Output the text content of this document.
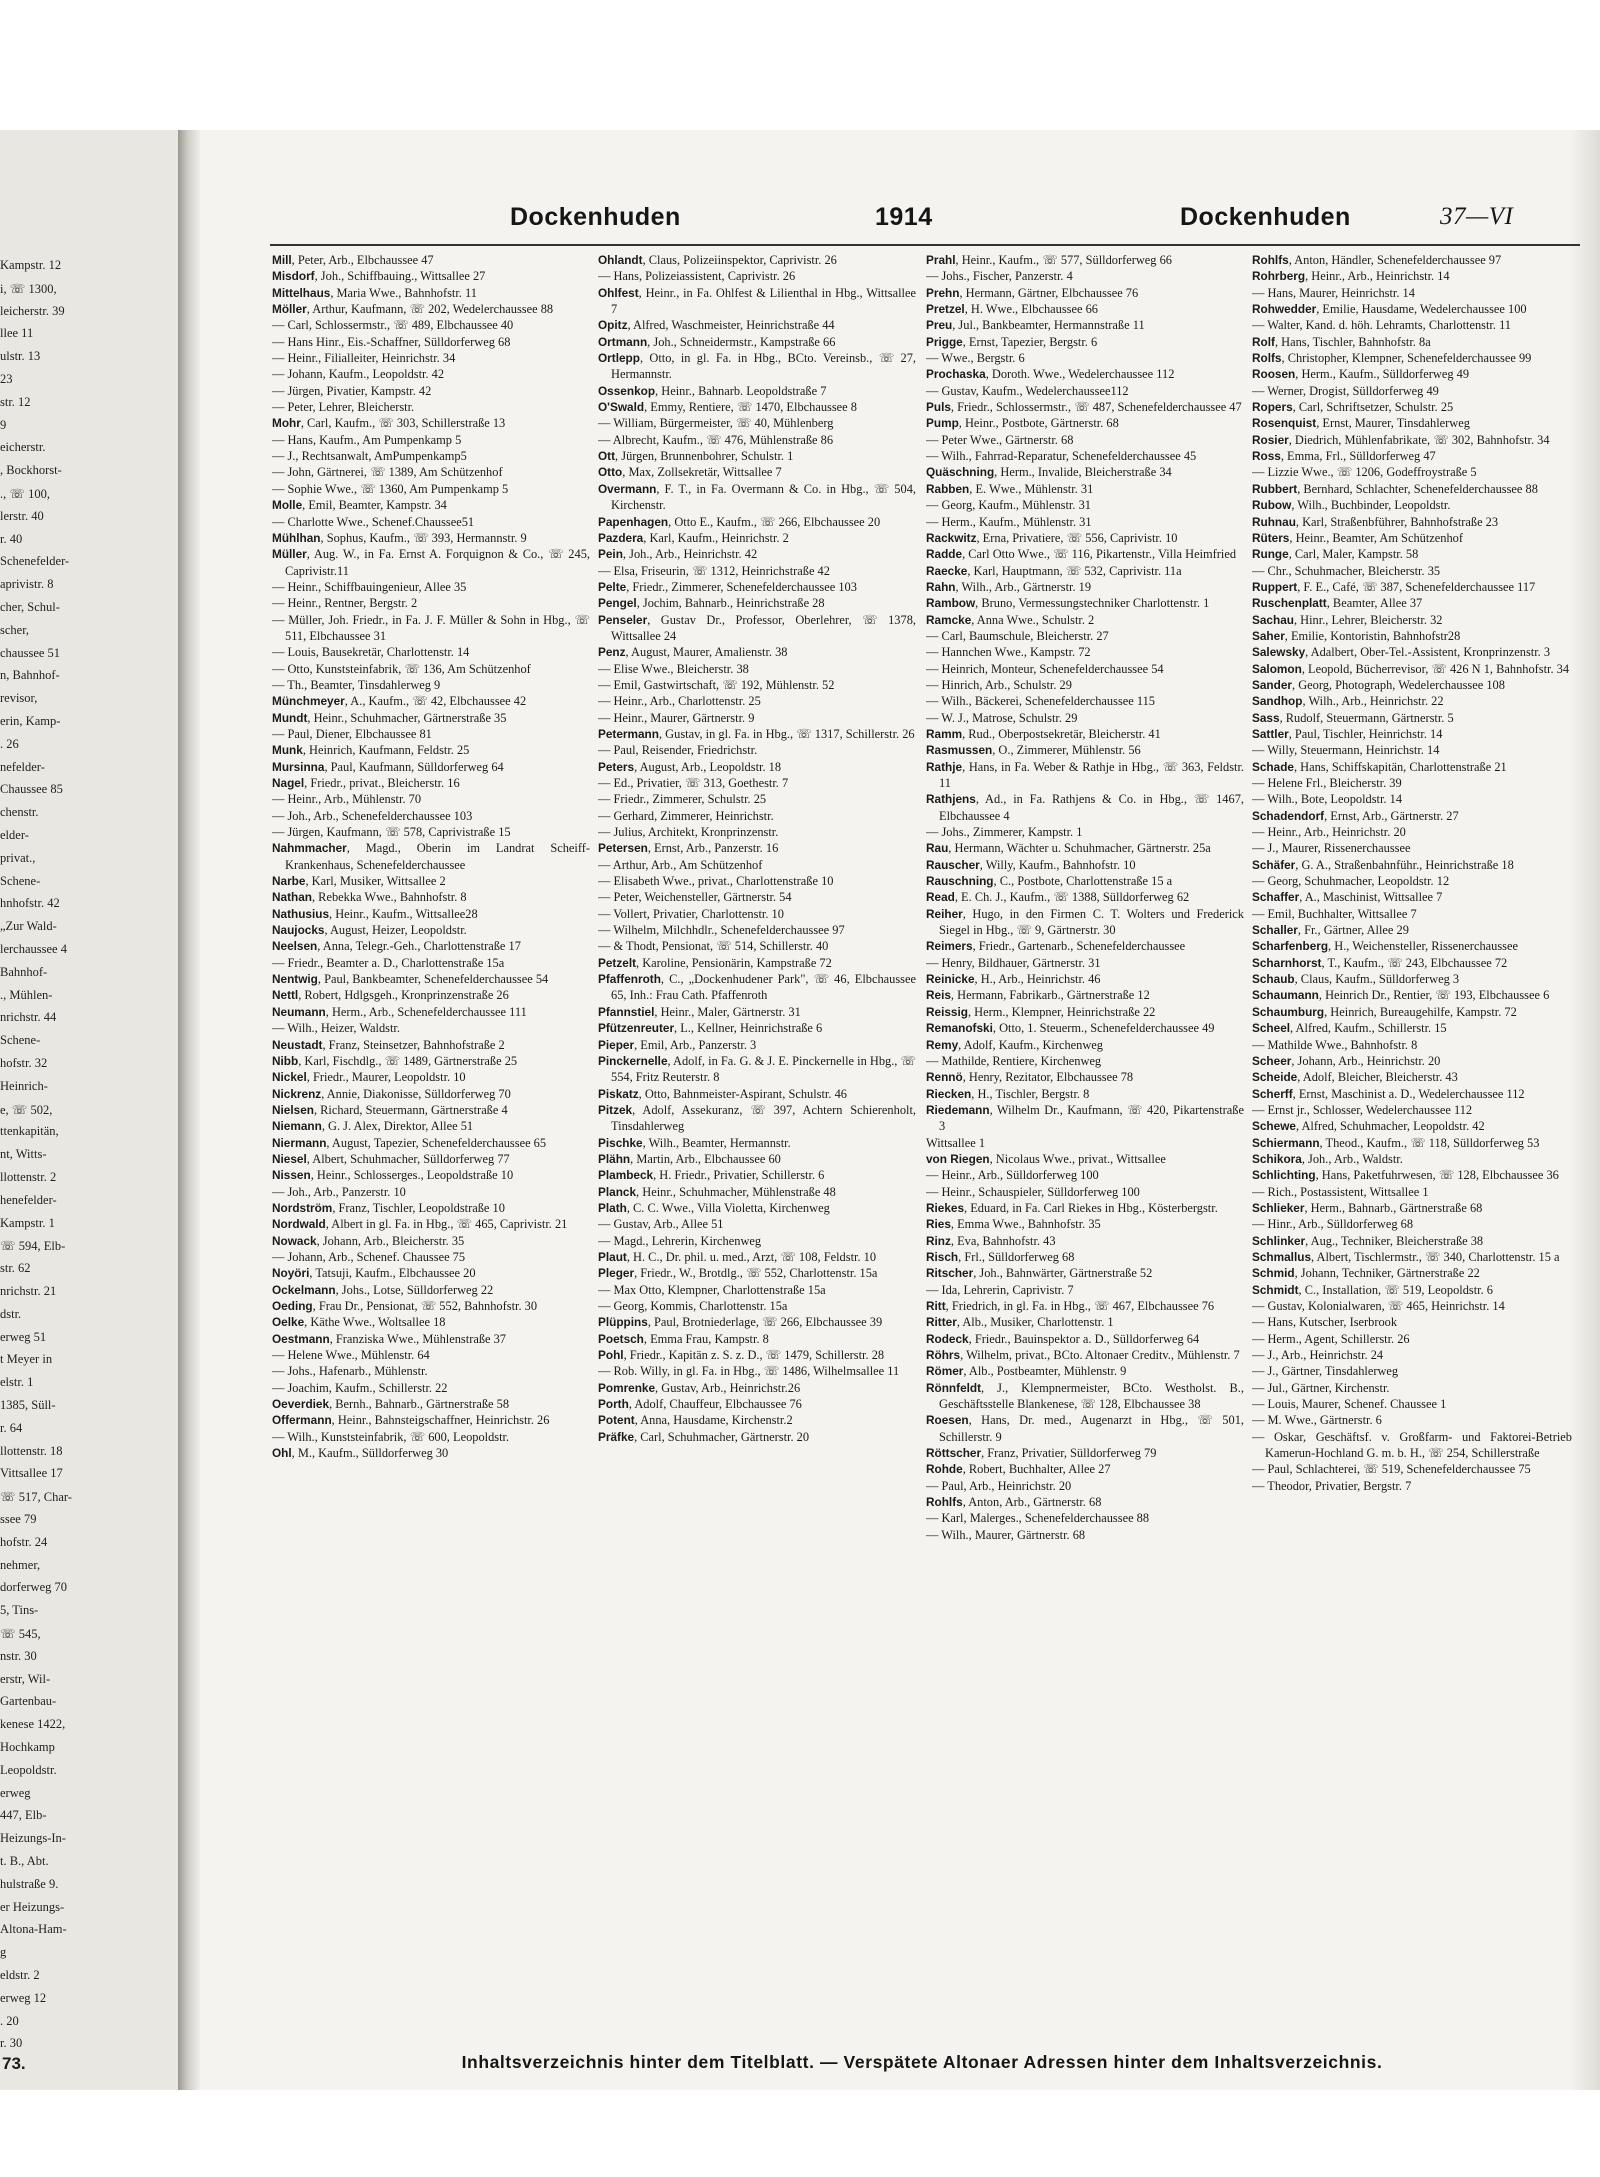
Kampstr. 12
i, ☏ 1300,
leicherstr. 39
llee 11
ulstr. 13
23
str. 12
9
eicherstr.
, Bockhorst-
., ☏ 100,
lerstr. 40
r. 40
Schenefelder-
aprivistr. 8
cher, Schul-
scher,
chaussee 51
n, Bahnhof-
revisor,
erin, Kamp-
. 26
nefelder-
Chaussee 85
chenstr.
elder-
privat.,
Schene-
hnhofstr. 42
„Zur Wald-
lerchaussee 4
Bahnhof-
., Mühlen-
nrichstr. 44
Schene-
hofstr. 32
Heinrich-
e, ☏ 502,
ttenkapitän,
nt, Witts-
llottenstr. 2
henefelder-
Kampstr. 1
☏ 594, Elb-
str. 62
nrichstr. 21
dstr.
erweg 51
t Meyer in
elstr. 1
1385, Süll-
r. 64
llottenstr. 18
Vittsallee 17
☏ 517, Char-
ssee 79
hofstr. 24
nehmer,
dorferweg 70
5, Tins-
☏ 545,
nstr. 30
erstr, Wil-
Gartenbau-
kenese 1422,
Hochkamp
Leopoldstr.
erweg
447, Elb-
Heizungs-In-
t. B., Abt.
hulstraße 9.
er Heizungs-
Altona-Ham-
g
eldstr. 2
erweg 12
. 20
r. 30
Dockenhuden	1914	Dockenhuden	37—VI

Mill, Peter, Arb., Elbchaussee 47

Misdorf, Joh., Schiffbauing., Wittsallee 27

Mittelhaus, Maria Wwe., Bahnhofstr. 11

Möller, Arthur, Kaufmann, ☏ 202, Wedelerchaussee 88

— Carl, Schlossermstr., ☏ 489, Elbchaussee 40

— Hans Hinr., Eis.-Schaffner, Sülldorferweg 68

— Heinr., Filialleiter, Heinrichstr. 34

— Johann, Kaufm., Leopoldstr. 42

— Jürgen, Pivatier, Kampstr. 42

— Peter, Lehrer, Bleicherstr.

Mohr, Carl, Kaufm., ☏ 303, Schillerstraße 13

— Hans, Kaufm., Am Pumpenkamp 5

— J., Rechtsanwalt, AmPumpenkamp5

— John, Gärtnerei, ☏ 1389, Am Schützenhof

— Sophie Wwe., ☏ 1360, Am Pumpenkamp 5

Molle, Emil, Beamter, Kampstr. 34

— Charlotte Wwe., Schenef.Chaussee51

Mühlhan, Sophus, Kaufm., ☏ 393, Hermannstr. 9

Müller, Aug. W., in Fa. Ernst A. Forquignon & Co., ☏ 245, Caprivistr.11

— Heinr., Schiffbauingenieur, Allee 35

— Heinr., Rentner, Bergstr. 2

— Müller, Joh. Friedr., in Fa. J. F. Müller & Sohn in Hbg., ☏ 511, Elbchaussee 31

— Louis, Bausekretär, Charlottenstr. 14

— Otto, Kunststeinfabrik, ☏ 136, Am Schützenhof

— Th., Beamter, Tinsdahlerweg 9

Münchmeyer, A., Kaufm., ☏ 42, Elbchaussee 42

Mundt, Heinr., Schuhmacher, Gärtnerstraße 35

— Paul, Diener, Elbchaussee 81

Munk, Heinrich, Kaufmann, Feldstr. 25

Mursinna, Paul, Kaufmann, Sülldorferweg 64

Nagel, Friedr., privat., Bleicherstr. 16

— Heinr., Arb., Mühlenstr. 70

— Joh., Arb., Schenefelderchaussee 103

— Jürgen, Kaufmann, ☏ 578, Caprivistraße 15

Nahmmacher, Magd., Oberin im Landrat Scheiff-Krankenhaus, Schenefelderchaussee

Narbe, Karl, Musiker, Wittsallee 2

Nathan, Rebekka Wwe., Bahnhofstr. 8

Nathusius, Heinr., Kaufm., Wittsallee28

Naujocks, August, Heizer, Leopoldstr.

Neelsen, Anna, Telegr.-Geh., Charlottenstraße 17

— Friedr., Beamter a. D., Charlottenstraße 15a

Nentwig, Paul, Bankbeamter, Schenefelderchaussee 54

Nettl, Robert, Hdlgsgeh., Kronprinzenstraße 26

Neumann, Herm., Arb., Schenefelderchaussee 111

— Wilh., Heizer, Waldstr.

Neustadt, Franz, Steinsetzer, Bahnhofstraße 2

Nibb, Karl, Fischdlg., ☏ 1489, Gärtnerstraße 25

Nickel, Friedr., Maurer, Leopoldstr. 10

Nickrenz, Annie, Diakonisse, Sülldorferweg 70

Nielsen, Richard, Steuermann, Gärtnerstraße 4

Niemann, G. J. Alex, Direktor, Allee 51

Niermann, August, Tapezier, Schenefelderchaussee 65

Niesel, Albert, Schuhmacher, Sülldorferweg 77

Nissen, Heinr., Schlosserges., Leopoldstraße 10

— Joh., Arb., Panzerstr. 10

Nordström, Franz, Tischler, Leopoldstraße 10

Nordwald, Albert in gl. Fa. in Hbg., ☏ 465, Caprivistr. 21

Nowack, Johann, Arb., Bleicherstr. 35

— Johann, Arb., Schenef. Chaussee 75

Noyöri, Tatsuji, Kaufm., Elbchaussee 20

Ockelmann, Johs., Lotse, Sülldorferweg 22

Oeding, Frau Dr., Pensionat, ☏ 552, Bahnhofstr. 30

Oelke, Käthe Wwe., Woltsallee 18

Oestmann, Franziska Wwe., Mühlenstraße 37

— Helene Wwe., Mühlenstr. 64

— Johs., Hafenarb., Mühlenstr.

— Joachim, Kaufm., Schillerstr. 22

Oeverdiek, Bernh., Bahnarb., Gärtnerstraße 58

Offermann, Heinr., Bahnsteigschaffner, Heinrichstr. 26

— Wilh., Kunststeinfabrik, ☏ 600, Leopoldstr.

Ohl, M., Kaufm., Sülldorferweg 30

Ohlandt, Claus, Polizeiinspektor, Caprivistr. 26

— Hans, Polizeiassistent, Caprivistr. 26

Ohlfest, Heinr., in Fa. Ohlfest & Lilienthal in Hbg., Wittsallee 7

Opitz, Alfred, Waschmeister, Heinrichstraße 44

Ortmann, Joh., Schneidermstr., Kampstraße 66

Ortlepp, Otto, in gl. Fa. in Hbg., BCto. Vereinsb., ☏ 27, Hermannstr.

Ossenkop, Heinr., Bahnarb. Leopoldstraße 7

O'Swald, Emmy, Rentiere, ☏ 1470, Elbchaussee 8

— William, Bürgermeister, ☏ 40, Mühlenberg

— Albrecht, Kaufm., ☏ 476, Mühlenstraße 86

Ott, Jürgen, Brunnenbohrer, Schulstr. 1

Otto, Max, Zollsekretär, Wittsallee 7

Overmann, F. T., in Fa. Overmann & Co. in Hbg., ☏ 504, Kirchenstr.

Papenhagen, Otto E., Kaufm., ☏ 266, Elbchaussee 20

Pazdera, Karl, Kaufm., Heinrichstr. 2

Pein, Joh., Arb., Heinrichstr. 42

— Elsa, Friseurin, ☏ 1312, Heinrichstraße 42

Pelte, Friedr., Zimmerer, Schenefelderchaussee 103

Pengel, Jochim, Bahnarb., Heinrichstraße 28

Penseler, Gustav Dr., Professor, Oberlehrer, ☏ 1378, Wittsallee 24

Penz, August, Maurer, Amalienstr. 38

— Elise Wwe., Bleicherstr. 38

— Emil, Gastwirtschaft, ☏ 192, Mühlenstr. 52

— Heinr., Arb., Charlottenstr. 25

— Heinr., Maurer, Gärtnerstr. 9

Petermann, Gustav, in gl. Fa. in Hbg., ☏ 1317, Schillerstr. 26

— Paul, Reisender, Friedrichstr.

Peters, August, Arb., Leopoldstr. 18

— Ed., Privatier, ☏ 313, Goethestr. 7

— Friedr., Zimmerer, Schulstr. 25

— Gerhard, Zimmerer, Heinrichstr.

— Julius, Architekt, Kronprinzenstr.

Petersen, Ernst, Arb., Panzerstr. 16

— Arthur, Arb., Am Schützenhof

— Elisabeth Wwe., privat., Charlottenstraße 10

— Peter, Weichensteller, Gärtnerstr. 54

— Vollert, Privatier, Charlottenstr. 10

— Wilhelm, Milchhdlr., Schenefelderchaussee 97

— & Thodt, Pensionat, ☏ 514, Schillerstr. 40

Petzelt, Karoline, Pensionärin, Kampstraße 72

Pfaffenroth, C., „Dockenhudener Park", ☏ 46, Elbchaussee 65, Inh.: Frau Cath. Pfaffenroth

Pfannstiel, Heinr., Maler, Gärtnerstr. 31

Pfützenreuter, L., Kellner, Heinrichstraße 6

Pieper, Emil, Arb., Panzerstr. 3

Pinckernelle, Adolf, in Fa. G. & J. E. Pinckernelle in Hbg., ☏ 554, Fritz Reuterstr. 8

Piskatz, Otto, Bahnmeister-Aspirant, Schulstr. 46

Pitzek, Adolf, Assekuranz, ☏ 397, Achtern Schierenholt, Tinsdahlerweg

Pischke, Wilh., Beamter, Hermannstr.

Plähn, Martin, Arb., Elbchaussee 60

Plambeck, H. Friedr., Privatier, Schillerstr. 6

Planck, Heinr., Schuhmacher, Mühlenstraße 48

Plath, C. C. Wwe., Villa Violetta, Kirchenweg

— Gustav, Arb., Allee 51

— Magd., Lehrerin, Kirchenweg

Plaut, H. C., Dr. phil. u. med., Arzt, ☏ 108, Feldstr. 10

Pleger, Friedr., W., Brotdlg., ☏ 552, Charlottenstr. 15a

— Max Otto, Klempner, Charlottenstraße 15a

— Georg, Kommis, Charlottenstr. 15a

Plüppins, Paul, Brotniederlage, ☏ 266, Elbchaussee 39

Poetsch, Emma Frau, Kampstr. 8

Pohl, Friedr., Kapitän z. S. z. D., ☏ 1479, Schillerstr. 28

— Rob. Willy, in gl. Fa. in Hbg., ☏ 1486, Wilhelmsallee 11

Pomrenke, Gustav, Arb., Heinrichstr.26

Porth, Adolf, Chauffeur, Elbchaussee 76

Potent, Anna, Hausdame, Kirchenstr.2

Präfke, Carl, Schuhmacher, Gärtnerstr. 20

Prahl, Heinr., Kaufm., ☏ 577, Sülldorferweg 66

— Johs., Fischer, Panzerstr. 4

Prehn, Hermann, Gärtner, Elbchaussee 76

Pretzel, H. Wwe., Elbchaussee 66

Preu, Jul., Bankbeamter, Hermannstraße 11

Prigge, Ernst, Tapezier, Bergstr. 6

— Wwe., Bergstr. 6

Prochaska, Doroth. Wwe., Wedelerchaussee 112

— Gustav, Kaufm., Wedelerchaussee112

Puls, Friedr., Schlossermstr., ☏ 487, Schenefelderchaussee 47

Pump, Heinr., Postbote, Gärtnerstr. 68

— Peter Wwe., Gärtnerstr. 68

— Wilh., Fahrrad-Reparatur, Schenefelderchaussee 45

Quäschning, Herm., Invalide, Bleicherstraße 34

Rabben, E. Wwe., Mühlenstr. 31

— Georg, Kaufm., Mühlenstr. 31

— Herm., Kaufm., Mühlenstr. 31

Rackwitz, Erna, Privatiere, ☏ 556, Caprivistr. 10

Radde, Carl Otto Wwe., ☏ 116, Pikartenstr., Villa Heimfried

Raecke, Karl, Hauptmann, ☏ 532, Caprivistr. 11a

Rahn, Wilh., Arb., Gärtnerstr. 19

Rambow, Bruno, Vermessungstechniker Charlottenstr. 1

Ramcke, Anna Wwe., Schulstr. 2

— Carl, Baumschule, Bleicherstr. 27

— Hannchen Wwe., Kampstr. 72

— Heinrich, Monteur, Schenefelderchaussee 54

— Hinrich, Arb., Schulstr. 29

— Wilh., Bäckerei, Schenefelderchaussee 115

— W. J., Matrose, Schulstr. 29

Ramm, Rud., Oberpostsekretär, Bleicherstr. 41

Rasmussen, O., Zimmerer, Mühlenstr. 56

Rathje, Hans, in Fa. Weber & Rathje in Hbg., ☏ 363, Feldstr. 11

Rathjens, Ad., in Fa. Rathjens & Co. in Hbg., ☏ 1467, Elbchaussee 4

— Johs., Zimmerer, Kampstr. 1

Rau, Hermann, Wächter u. Schuhmacher, Gärtnerstr. 25a

Rauscher, Willy, Kaufm., Bahnhofstr. 10

Rauschning, C., Postbote, Charlottenstraße 15 a

Read, E. Ch. J., Kaufm., ☏ 1388, Sülldorferweg 62

Reiher, Hugo, in den Firmen C. T. Wolters und Frederick Siegel in Hbg., ☏ 9, Gärtnerstr. 30

Reimers, Friedr., Gartenarb., Schenefelderchaussee

— Henry, Bildhauer, Gärtnerstr. 31

Reinicke, H., Arb., Heinrichstr. 46

Reis, Hermann, Fabrikarb., Gärtnerstraße 12

Reissig, Herm., Klempner, Heinrichstraße 22

Remanofski, Otto, 1. Steuerm., Schenefelderchaussee 49

Remy, Adolf, Kaufm., Kirchenweg

— Mathilde, Rentiere, Kirchenweg

Rennö, Henry, Rezitator, Elbchaussee 78

Riecken, H., Tischler, Bergstr. 8

Riedemann, Wilhelm Dr., Kaufmann, ☏ 420, Pikartenstraße 3

Wittsallee 1

von Riegen, Nicolaus Wwe., privat., Wittsallee

— Heinr., Arb., Sülldorferweg 100

— Heinr., Schauspieler, Sülldorferweg 100

Riekes, Eduard, in Fa. Carl Riekes in Hbg., Kösterbergstr.

Ries, Emma Wwe., Bahnhofstr. 35

Rinz, Eva, Bahnhofstr. 43

Risch, Frl., Sülldorferweg 68

Ritscher, Joh., Bahnwärter, Gärtnerstraße 52

— Ida, Lehrerin, Caprivistr. 7

Ritt, Friedrich, in gl. Fa. in Hbg., ☏ 467, Elbchaussee 76

Ritter, Alb., Musiker, Charlottenstr. 1

Rodeck, Friedr., Bauinspektor a. D., Sülldorferweg 64

Röhrs, Wilhelm, privat., BCto. Altonaer Creditv., Mühlenstr. 7

Römer, Alb., Postbeamter, Mühlenstr. 9

Rönnfeldt, J., Klempnermeister, BCto. Westholst. B., Geschäftsstelle Blankenese, ☏ 128, Elbchaussee 38

Roesen, Hans, Dr. med., Augenarzt in Hbg., ☏ 501, Schillerstr. 9

Röttscher, Franz, Privatier, Sülldorferweg 79

Rohde, Robert, Buchhalter, Allee 27

— Paul, Arb., Heinrichstr. 20

Rohlfs, Anton, Arb., Gärtnerstr. 68

— Karl, Malerges., Schenefelderchaussee 88

— Wilh., Maurer, Gärtnerstr. 68

Rohlfs, Anton, Händler, Schenefelderchaussee 97

Rohrberg, Heinr., Arb., Heinrichstr. 14

— Hans, Maurer, Heinrichstr. 14

Rohwedder, Emilie, Hausdame, Wedelerchaussee 100

— Walter, Kand. d. höh. Lehramts, Charlottenstr. 11

Rolf, Hans, Tischler, Bahnhofstr. 8a

Rolfs, Christopher, Klempner, Schenefelderchaussee 99

Roosen, Herm., Kaufm., Sülldorferweg 49

— Werner, Drogist, Sülldorferweg 49

Ropers, Carl, Schriftsetzer, Schulstr. 25

Rosenquist, Ernst, Maurer, Tinsdahlerweg

Rosier, Diedrich, Mühlenfabrikate, ☏ 302, Bahnhofstr. 34

Ross, Emma, Frl., Sülldorferweg 47

— Lizzie Wwe., ☏ 1206, Godeffroystraße 5

Rubbert, Bernhard, Schlachter, Schenefelderchaussee 88

Rubow, Wilh., Buchbinder, Leopoldstr.

Ruhnau, Karl, Straßenbführer, Bahnhofstraße 23

Rüters, Heinr., Beamter, Am Schützenhof

Runge, Carl, Maler, Kampstr. 58

— Chr., Schuhmacher, Bleicherstr. 35

Ruppert, F. E., Café, ☏ 387, Schenefelderchaussee 117

Ruschenplatt, Beamter, Allee 37

Sachau, Hinr., Lehrer, Bleicherstr. 32

Saher, Emilie, Kontoristin, Bahnhofstr28

Salewsky, Adalbert, Ober-Tel.-Assistent, Kronprinzenstr. 3

Salomon, Leopold, Bücherrevisor, ☏ 426 N 1, Bahnhofstr. 34

Sander, Georg, Photograph, Wedelerchaussee 108

Sandhop, Wilh., Arb., Heinrichstr. 22

Sass, Rudolf, Steuermann, Gärtnerstr. 5

Sattler, Paul, Tischler, Heinrichstr. 14

— Willy, Steuermann, Heinrichstr. 14

Schade, Hans, Schiffskapitän, Charlottenstraße 21

— Helene Frl., Bleicherstr. 39

— Wilh., Bote, Leopoldstr. 14

Schadendorf, Ernst, Arb., Gärtnerstr. 27

— Heinr., Arb., Heinrichstr. 20

— J., Maurer, Rissenerchaussee

Schäfer, G. A., Straßenbahnführ., Heinrichstraße 18

— Georg, Schuhmacher, Leopoldstr. 12

Schaffer, A., Maschinist, Wittsallee 7

— Emil, Buchhalter, Wittsallee 7

Schaller, Fr., Gärtner, Allee 29

Scharfenberg, H., Weichensteller, Rissenerchaussee

Scharnhorst, T., Kaufm., ☏ 243, Elbchaussee 72

Schaub, Claus, Kaufm., Sülldorferweg 3

Schaumann, Heinrich Dr., Rentier, ☏ 193, Elbchaussee 6

Schaumburg, Heinrich, Bureaugehilfe, Kampstr. 72

Scheel, Alfred, Kaufm., Schillerstr. 15

— Mathilde Wwe., Bahnhofstr. 8

Scheer, Johann, Arb., Heinrichstr. 20

Scheide, Adolf, Bleicher, Bleicherstr. 43

Scherff, Ernst, Maschinist a. D., Wedelerchaussee 112

— Ernst jr., Schlosser, Wedelerchaussee 112

Schewe, Alfred, Schuhmacher, Leopoldstr. 42

Schiermann, Theod., Kaufm., ☏ 118, Sülldorferweg 53

Schikora, Joh., Arb., Waldstr.

Schlichting, Hans, Paketfuhrwesen, ☏ 128, Elbchaussee 36

— Rich., Postassistent, Wittsallee 1

Schlieker, Herm., Bahnarb., Gärtnerstraße 68

— Hinr., Arb., Sülldorferweg 68

Schlinker, Aug., Techniker, Bleicherstraße 38

Schmallus, Albert, Tischlermstr., ☏ 340, Charlottenstr. 15 a

Schmid, Johann, Techniker, Gärtnerstraße 22

Schmidt, C., Installation, ☏ 519, Leopoldstr. 6

— Gustav, Kolonialwaren, ☏ 465, Heinrichstr. 14

— Hans, Kutscher, Iserbrook

— Herm., Agent, Schillerstr. 26

— J., Arb., Heinrichstr. 24

— J., Gärtner, Tinsdahlerweg

— Jul., Gärtner, Kirchenstr.

— Louis, Maurer, Schenef. Chaussee 1

— M. Wwe., Gärtnerstr. 6

— Oskar, Geschäftsf. v. Großfarm- und Faktorei-Betrieb Kamerun-Hochland G. m. b. H., ☏ 254, Schillerstraße

— Paul, Schlachterei, ☏ 519, Schenefelderchaussee 75

— Theodor, Privatier, Bergstr. 7

73.	Inhaltsverzeichnis hinter dem Titelblatt. — Verspätete Altonaer Adressen hinter dem Inhaltsverzeichnis.
